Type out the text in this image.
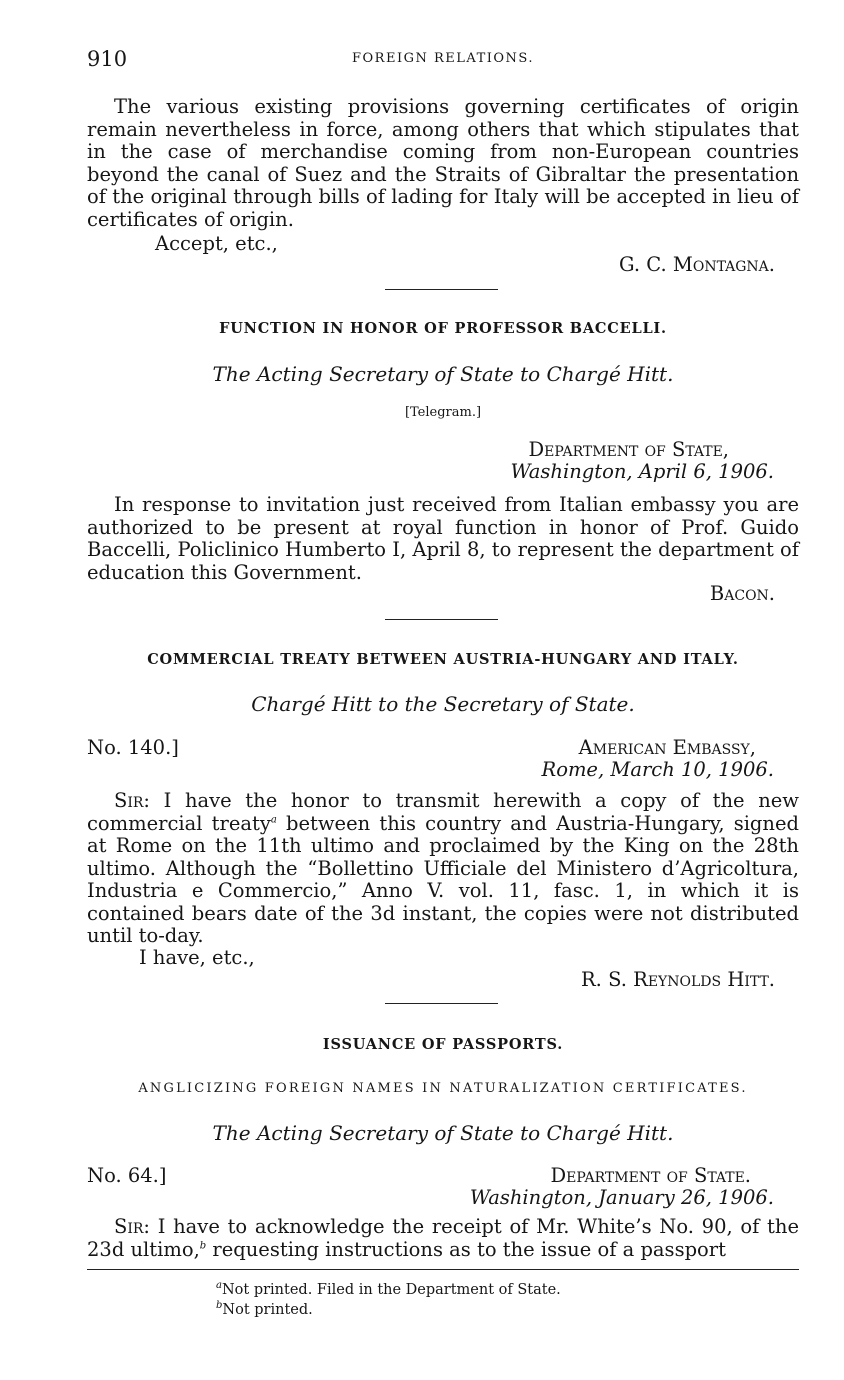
910	FOREIGN RELATIONS.
The various existing provisions governing certificates of origin remain nevertheless in force, among others that which stipulates that in the case of merchandise coming from non-European countries beyond the canal of Suez and the Straits of Gibraltar the presentation of the original through bills of lading for Italy will be accepted in lieu of certificates of origin.
Accept, etc.,
G. C. Montagna.
FUNCTION IN HONOR OF PROFESSOR BACCELLI.
The Acting Secretary of State to Chargé Hitt.
[Telegram.]
Department of State,
Washington, April 6, 1906.
In response to invitation just received from Italian embassy you are authorized to be present at royal function in honor of Prof. Guido Baccelli, Policlinico Humberto I, April 8, to represent the department of education this Government.
Bacon.
COMMERCIAL TREATY BETWEEN AUSTRIA-HUNGARY AND ITALY.
Chargé Hitt to the Secretary of State.
No. 140.]	American Embassy,
Rome, March 10, 1906.
Sir: I have the honor to transmit herewith a copy of the new commercial treaty$^a$ between this country and Austria-Hungary, signed at Rome on the 11th ultimo and proclaimed by the King on the 28th ultimo. Although the “Bollettino Ufficiale del Ministero d’Agricoltura, Industria e Commercio,” Anno V. vol. 11, fasc. 1, in which it is contained bears date of the 3d instant, the copies were not distributed until to-day.
I have, etc.,
R. S. Reynolds Hitt.
ISSUANCE OF PASSPORTS.
ANGLICIZING FOREIGN NAMES IN NATURALIZATION CERTIFICATES.
The Acting Secretary of State to Chargé Hitt.
No. 64.]	Department of State.
Washington, January 26, 1906.
Sir: I have to acknowledge the receipt of Mr. White’s No. 90, of the 23d ultimo,$^b$ requesting instructions as to the issue of a passport
$^a$Not printed. Filed in the Department of State.
$^b$Not printed.
